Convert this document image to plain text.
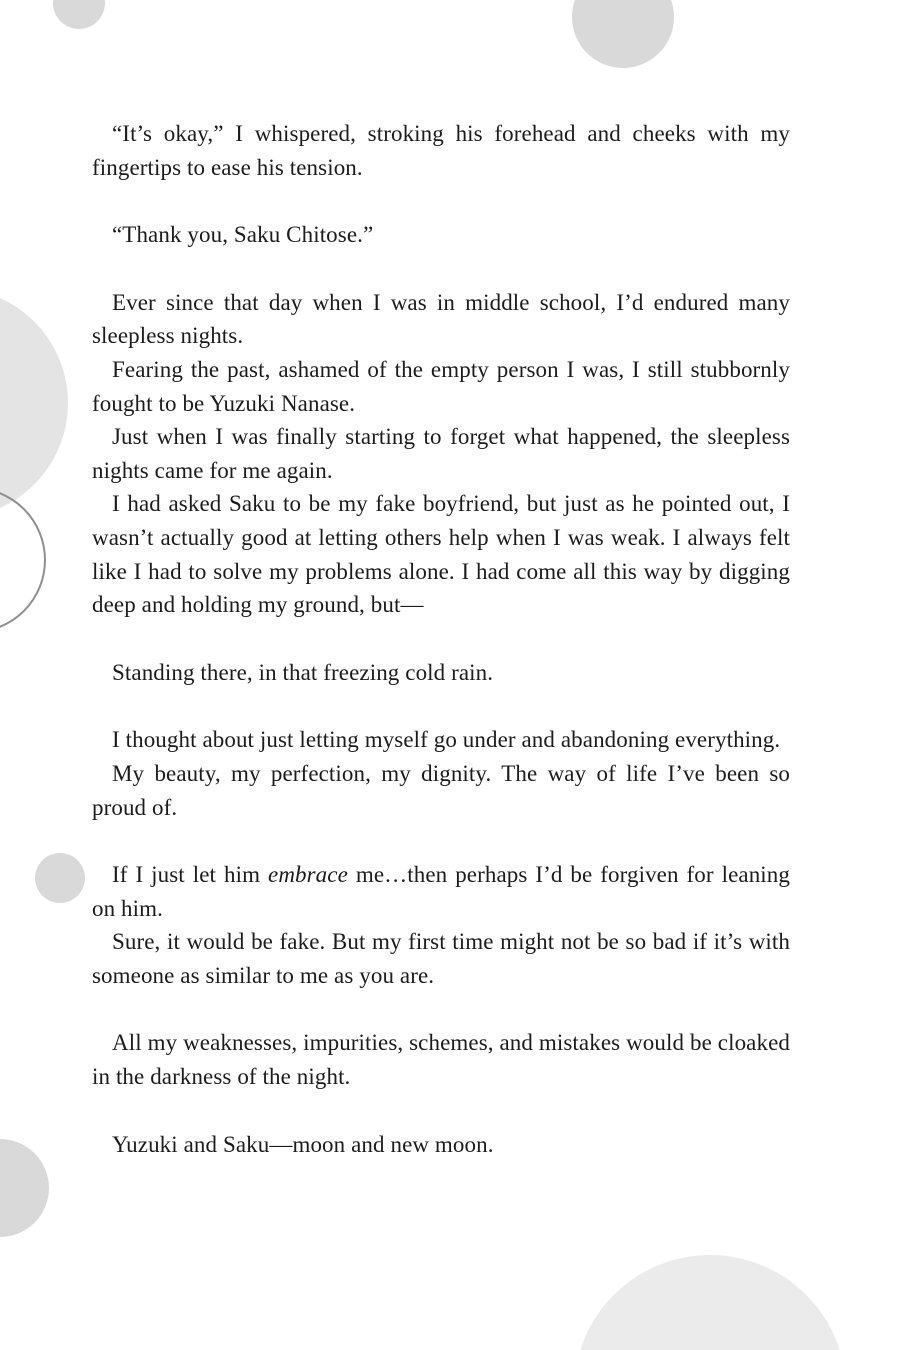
“It’s okay,” I whispered, stroking his forehead and cheeks with my fingertips to ease his tension.

“Thank you, Saku Chitose.”

Ever since that day when I was in middle school, I’d endured many sleepless nights.

Fearing the past, ashamed of the empty person I was, I still stubbornly fought to be Yuzuki Nanase.

Just when I was finally starting to forget what happened, the sleepless nights came for me again.

I had asked Saku to be my fake boyfriend, but just as he pointed out, I wasn’t actually good at letting others help when I was weak. I always felt like I had to solve my problems alone. I had come all this way by digging deep and holding my ground, but—

Standing there, in that freezing cold rain.

I thought about just letting myself go under and abandoning everything.

My beauty, my perfection, my dignity. The way of life I’ve been so proud of.

If I just let him embrace me…then perhaps I’d be forgiven for leaning on him.

Sure, it would be fake. But my first time might not be so bad if it’s with someone as similar to me as you are.

All my weaknesses, impurities, schemes, and mistakes would be cloaked in the darkness of the night.

Yuzuki and Saku—moon and new moon.
